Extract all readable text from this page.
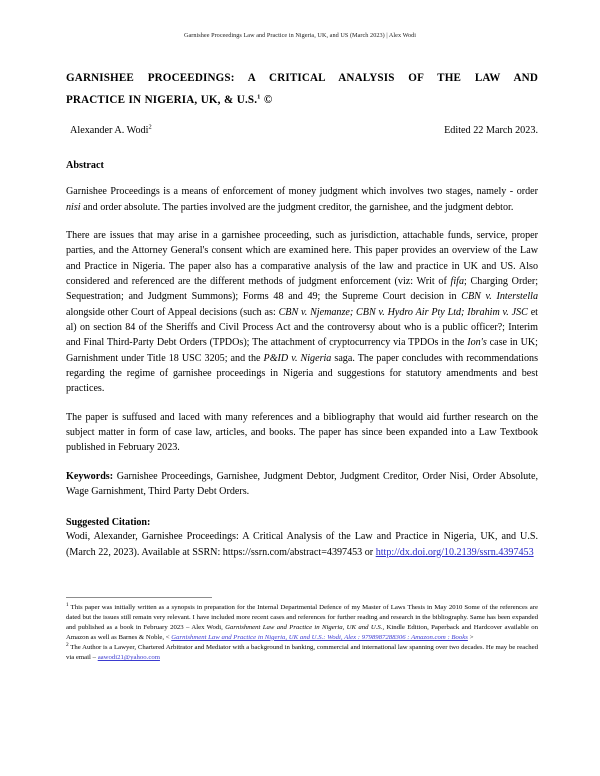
Garnishee Proceedings Law and Practice in Nigeria, UK, and US (March 2023) | Alex Wodi
GARNISHEE PROCEEDINGS: A CRITICAL ANALYSIS OF THE LAW AND
PRACTICE IN NIGERIA, UK, & U.S.$^1$ ©
Alexander A. Wodi$^2$	Edited 22 March 2023.
Abstract

Garnishee Proceedings is a means of enforcement of money judgment which involves two stages, namely - order nisi and order absolute. The parties involved are the judgment creditor, the garnishee, and the judgment debtor.

There are issues that may arise in a garnishee proceeding, such as jurisdiction, attachable funds, service, proper parties, and the Attorney General's consent which are examined here. This paper provides an overview of the Law and Practice in Nigeria. The paper also has a comparative analysis of the law and practice in UK and US. Also considered and referenced are the different methods of judgment enforcement (viz: Writ of fifa; Charging Order; Sequestration; and Judgment Summons); Forms 48 and 49; the Supreme Court decision in CBN v. Interstella alongside other Court of Appeal decisions (such as: CBN v. Njemanze; CBN v. Hydro Air Pty Ltd; Ibrahim v. JSC et al) on section 84 of the Sheriffs and Civil Process Act and the controversy about who is a public officer?; Interim and Final Third-Party Debt Orders (TPDOs); The attachment of cryptocurrency via TPDOs in the Ion's case in UK; Garnishment under Title 18 USC 3205; and the P&ID v. Nigeria saga. The paper concludes with recommendations regarding the regime of garnishee proceedings in Nigeria and suggestions for statutory amendments and best practices.

The paper is suffused and laced with many references and a bibliography that would aid further research on the subject matter in form of case law, articles, and books. The paper has since been expanded into a Law Textbook published in February 2023.

Keywords: Garnishee Proceedings, Garnishee, Judgment Debtor, Judgment Creditor, Order Nisi, Order Absolute, Wage Garnishment, Third Party Debt Orders.

Suggested Citation:

Wodi, Alexander, Garnishee Proceedings: A Critical Analysis of the Law and Practice in Nigeria, UK, and U.S. (March 22, 2023). Available at SSRN: https://ssrn.com/abstract=4397453 or http://dx.doi.org/10.2139/ssrn.4397453

$^1$ This paper was initially written as a synopsis in preparation for the Internal Departmental Defence of my Master of Laws Thesis in May 2010 Some of the references are dated but the issues still remain very relevant. I have included more recent cases and references for further reading and research in the bibliography. Same has been expanded and published as a book in February 2023 – Alex Wodi, Garnishment Law and Practice in Nigeria, UK and U.S., Kindle Edition, Paperback and Hardcover available on Amazon as well as Barnes & Noble, < Garnishment Law and Practice in Nigeria, UK and U.S.: Wodi, Alex : 9798987288306 : Amazon.com : Books >

$^2$ The Author is a Lawyer, Chartered Arbitrator and Mediator with a background in banking, commercial and international law spanning over two decades. He may be reached via email – aawodi21@yahoo.com
